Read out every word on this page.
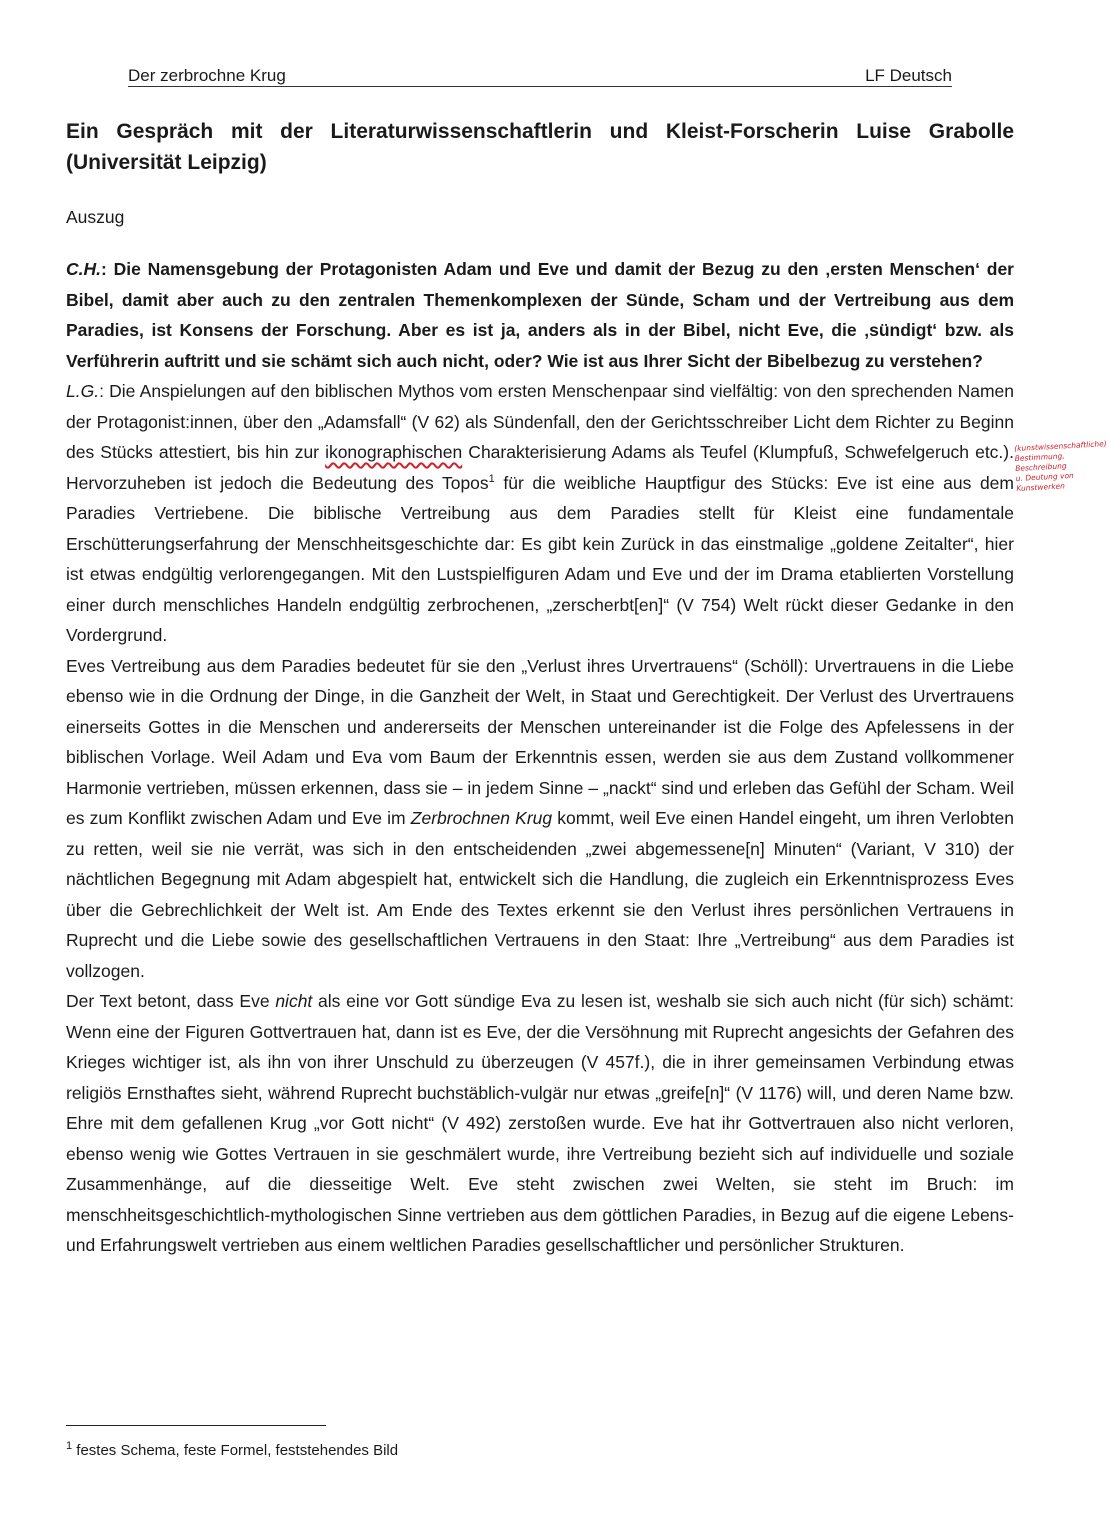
Der zerbrochne Krug	LF Deutsch
Ein Gespräch mit der Literaturwissenschaftlerin und Kleist-Forscherin Luise Grabolle (Universität Leipzig)
Auszug

C.H.: Die Namensgebung der Protagonisten Adam und Eve und damit der Bezug zu den ‚ersten Menschen‘ der Bibel, damit aber auch zu den zentralen Themenkomplexen der Sünde, Scham und der Vertreibung aus dem Paradies, ist Konsens der Forschung. Aber es ist ja, anders als in der Bibel, nicht Eve, die ‚sündigt‘ bzw. als Verführerin auftritt und sie schämt sich auch nicht, oder? Wie ist aus Ihrer Sicht der Bibelbezug zu verstehen?

L.G.: Die Anspielungen auf den biblischen Mythos vom ersten Menschenpaar sind vielfältig: von den sprechenden Namen der Protagonist:innen, über den „Adamsfall“ (V 62) als Sündenfall, den der Gerichtsschreiber Licht dem Richter zu Beginn des Stücks attestiert, bis hin zur ikonographischen Charakterisierung Adams als Teufel (Klumpfuß, Schwefelgeruch etc.). Hervorzuheben ist jedoch die Bedeutung des Topos$^1$ für die weibliche Hauptfigur des Stücks: Eve ist eine aus dem Paradies Vertriebene. Die biblische Vertreibung aus dem Paradies stellt für Kleist eine fundamentale Erschütterungserfahrung der Menschheitsgeschichte dar: Es gibt kein Zurück in das einstmalige „goldene Zeitalter“, hier ist etwas endgültig verlorengegangen. Mit den Lustspielfiguren Adam und Eve und der im Drama etablierten Vorstellung einer durch menschliches Handeln endgültig zerbrochenen, „zerscherbt[en]“ (V 754) Welt rückt dieser Gedanke in den Vordergrund.

Eves Vertreibung aus dem Paradies bedeutet für sie den „Verlust ihres Urvertrauens“ (Schöll): Urvertrauens in die Liebe ebenso wie in die Ordnung der Dinge, in die Ganzheit der Welt, in Staat und Gerechtigkeit. Der Verlust des Urvertrauens einerseits Gottes in die Menschen und andererseits der Menschen untereinander ist die Folge des Apfelessens in der biblischen Vorlage. Weil Adam und Eva vom Baum der Erkenntnis essen, werden sie aus dem Zustand vollkommener Harmonie vertrieben, müssen erkennen, dass sie – in jedem Sinne – „nackt“ sind und erleben das Gefühl der Scham. Weil es zum Konflikt zwischen Adam und Eve im Zerbrochnen Krug kommt, weil Eve einen Handel eingeht, um ihren Verlobten zu retten, weil sie nie verrät, was sich in den entscheidenden „zwei abgemessene[n] Minuten“ (Variant, V 310) der nächtlichen Begegnung mit Adam abgespielt hat, entwickelt sich die Handlung, die zugleich ein Erkenntnisprozess Eves über die Gebrechlichkeit der Welt ist. Am Ende des Textes erkennt sie den Verlust ihres persönlichen Vertrauens in Ruprecht und die Liebe sowie des gesellschaftlichen Vertrauens in den Staat: Ihre „Vertreibung“ aus dem Paradies ist vollzogen.

Der Text betont, dass Eve nicht als eine vor Gott sündige Eva zu lesen ist, weshalb sie sich auch nicht (für sich) schämt: Wenn eine der Figuren Gottvertrauen hat, dann ist es Eve, der die Versöhnung mit Ruprecht angesichts der Gefahren des Krieges wichtiger ist, als ihn von ihrer Unschuld zu überzeugen (V 457f.), die in ihrer gemeinsamen Verbindung etwas religiös Ernsthaftes sieht, während Ruprecht buchstäblich-vulgär nur etwas „greife[n]“ (V 1176) will, und deren Name bzw. Ehre mit dem gefallenen Krug „vor Gott nicht“ (V 492) zerstoßen wurde. Eve hat ihr Gottvertrauen also nicht verloren, ebenso wenig wie Gottes Vertrauen in sie geschmälert wurde, ihre Vertreibung bezieht sich auf individuelle und soziale Zusammenhänge, auf die diesseitige Welt. Eve steht zwischen zwei Welten, sie steht im Bruch: im menschheitsgeschichtlich-mythologischen Sinne vertrieben aus dem göttlichen Paradies, in Bezug auf die eigene Lebens- und Erfahrungswelt vertrieben aus einem weltlichen Paradies gesellschaftlicher und persönlicher Strukturen.

(kunstwissenschaftliche)
Bestimmung,
Beschreibung
u. Deutung von
Kunstwerken
$^1$ festes Schema, feste Formel, feststehendes Bild
